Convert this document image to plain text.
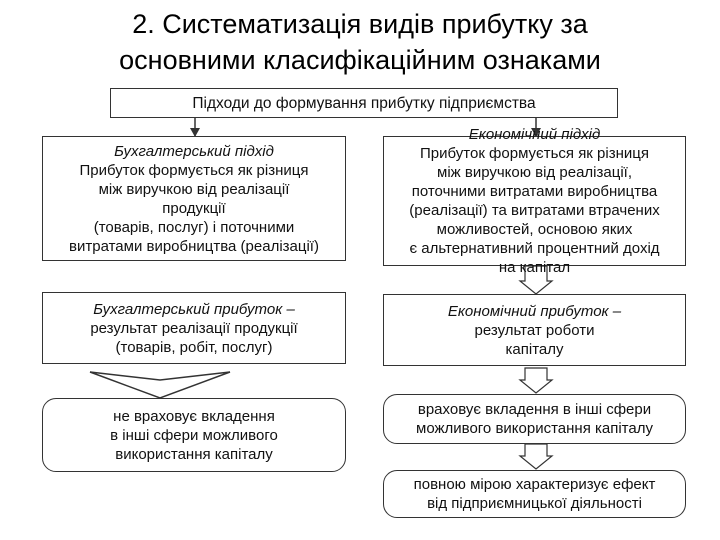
2. Систематизація видів прибутку за
основними класифікаційним ознаками
Підходи до формування прибутку підприємства
Бухгалтерський підхід
Прибуток формується як різниця
між виручкою від реалізації
продукції
(товарів, послуг) і поточними
витратами виробництва (реалізації)
Бухгалтерський прибуток –
результат реалізації продукції
(товарів, робіт, послуг)
не враховує вкладення
в інші сфери можливого
використання капіталу
Економічний підхід
Прибуток формується як різниця
між виручкою від реалізації,
поточними витратами виробництва
(реалізації) та витратами втрачених
можливостей, основою яких
є альтернативний процентний дохід
на капітал
Економічний прибуток –
результат роботи
капіталу
враховує вкладення в інші сфери
можливого використання капіталу
повною мірою характеризує ефект
від підприємницької діяльності
